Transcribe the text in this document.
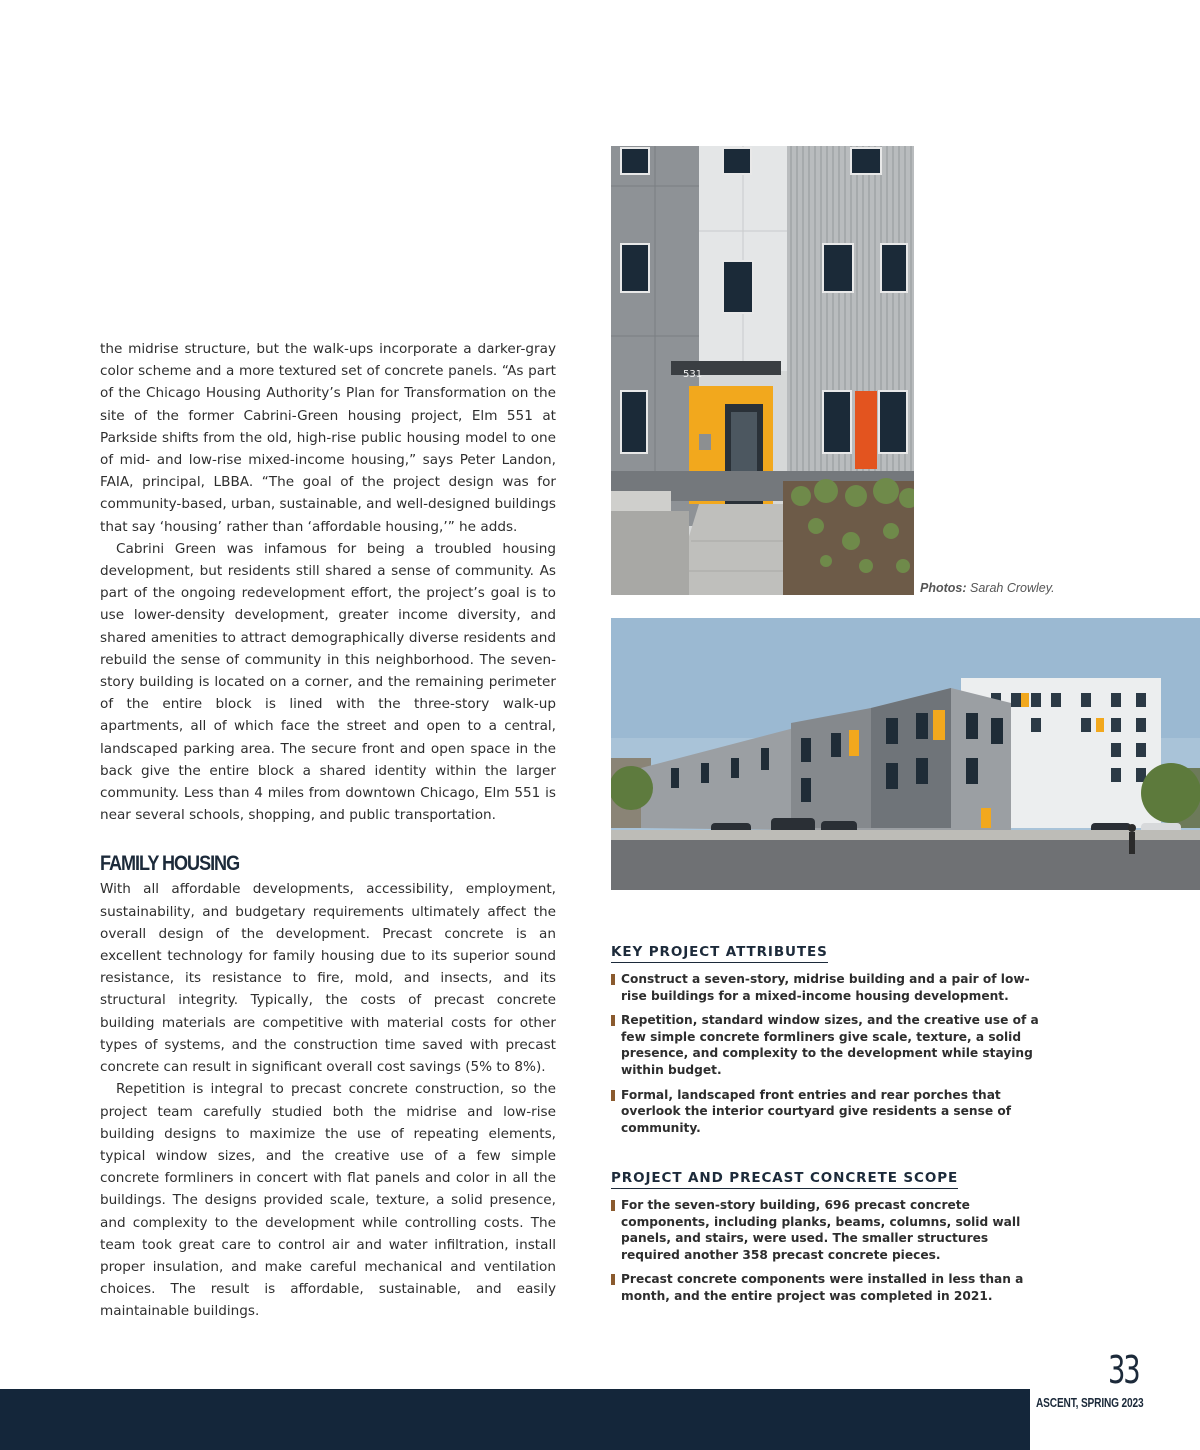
the midrise structure, but the walk-ups incorporate a darker-gray color scheme and a more textured set of concrete panels. “As part of the Chicago Housing Authority’s Plan for Transformation on the site of the former Cabrini-Green housing project, Elm 551 at Parkside shifts from the old, high-rise public housing model to one of mid- and low-rise mixed-income housing,” says Peter Landon, FAIA, principal, LBBA. “The goal of the project design was for community-based, urban, sustainable, and well-designed buildings that say ‘housing’ rather than ‘affordable housing,’” he adds.

Cabrini Green was infamous for being a troubled housing development, but residents still shared a sense of community. As part of the ongoing redevelopment effort, the project’s goal is to use lower-density development, greater income diversity, and shared amenities to attract demographically diverse residents and rebuild the sense of community in this neighborhood. The seven-story building is located on a corner, and the remaining perimeter of the entire block is lined with the three-story walk-up apartments, all of which face the street and open to a central, landscaped parking area. The secure front and open space in the back give the entire block a shared identity within the larger community. Less than 4 miles from downtown Chicago, Elm 551 is near several schools, shopping, and public transportation.

FAMILY HOUSING

With all affordable developments, accessibility, employment, sustainability, and budgetary requirements ultimately affect the overall design of the development. Precast concrete is an excellent technology for family housing due to its superior sound resistance, its resistance to fire, mold, and insects, and its structural integrity. Typically, the costs of precast concrete building materials are competitive with material costs for other types of systems, and the construction time saved with precast concrete can result in significant overall cost savings (5% to 8%).

Repetition is integral to precast concrete construction, so the project team carefully studied both the midrise and low-rise building designs to maximize the use of repeating elements, typical window sizes, and the creative use of a few simple concrete formliners in concert with flat panels and color in all the buildings. The designs provided scale, texture, a solid presence, and complexity to the development while controlling costs. The team took great care to control air and water infiltration, install proper insulation, and make careful mechanical and ventilation choices. The result is affordable, sustainable, and easily maintainable buildings.

531
Photos: Sarah Crowley.
KEY PROJECT ATTRIBUTES
Construct a seven-story, midrise building and a pair of low-rise buildings for a mixed-income housing development.
Repetition, standard window sizes, and the creative use of a few simple concrete formliners give scale, texture, a solid presence, and complexity to the development while staying within budget.
Formal, landscaped front entries and rear porches that overlook the interior courtyard give residents a sense of community.
PROJECT AND PRECAST CONCRETE SCOPE
For the seven-story building, 696 precast concrete components, including planks, beams, columns, solid wall panels, and stairs, were used. The smaller structures required another 358 precast concrete pieces.
Precast concrete components were installed in less than a month, and the entire project was completed in 2021.
33
ASCENT, SPRING 2023
